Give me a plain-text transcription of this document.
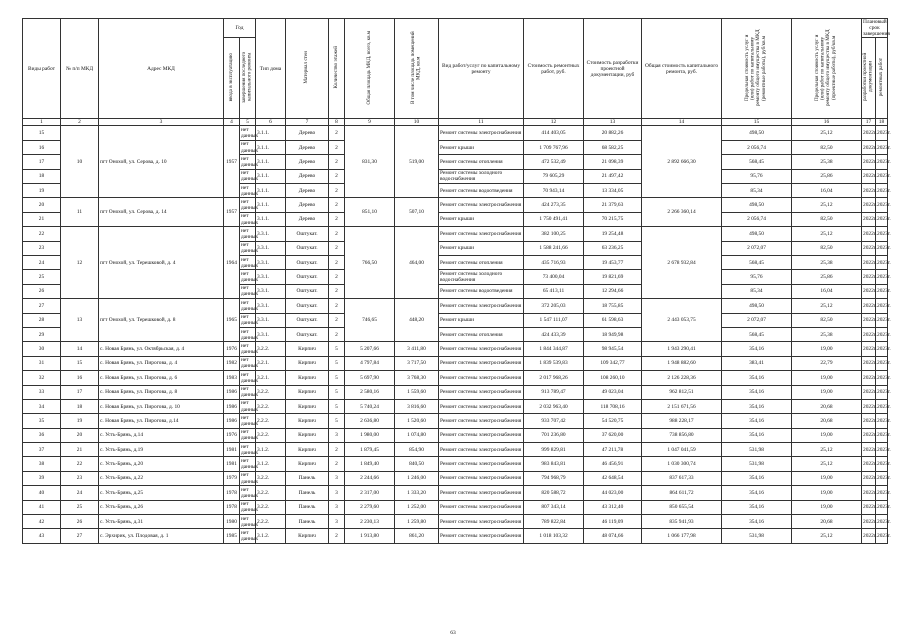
Виды работ	№ п/п МКД	Адрес МКД	Год		Тип дома	Материал стен	Количество этажей	Общая площадь МКД, всего, кв.м	В том числе площадь помещений МКД, кв.м	Вид работ/услуг по капитальному ремонту	Стоимость ремонтных работ, руб.	Стоимость разработки проектной документации, руб	Общая стоимость капитального ремонта, руб.	Предельная стоимость услуг и (или) работ по капитальному ремонту общего имущества в МКД (ремонтные работы), руб/кв.м	Предельная стоимость услуг и (или) работ по капитальному ремонту общего имущества в МКД (проектные работы), руб/кв.м	Плановый срок завершения	
			ввода в эксплуатацию	завершения последнего капитального ремонта												разработки проектной документации	ремонтных работ
1	2	3	4	5	6	7	8	9	10	11	12	13	14	15	16	17	18
15	10	пгт Онохой, ул. Серова, д. 10	1957	нет данных	3.1.1.	Дерево	2	831,30	519,00	Ремонт системы электроснабжения	414 403,05	20 882,26	2 892 666,30	498,50	25,12	2022г.	2023г.
16				нет данных	3.1.1.	Дерево	2			Ремонт крыши	1 709 767,96	68 582,25		2 056,74	82,50	2022г.	2023г.
17				нет данных	3.1.1.	Дерево	2			Ремонт системы отопления	472 532,49	21 098,39		568,45	25,38	2022г.	2023г.
18				нет данных	3.1.1.	Дерево	2			Ремонт системы холодного водоснабжения	79 605,29	21 497,42		95,76	25,86	2022г.	2023г.
19				нет данных	3.1.1.	Дерево	2			Ремонт системы водоотведения	70 943,14	13 334,05		85,34	16,04	2022г.	2023г.
20	11	пгт Онохой, ул. Серова, д. 14	1957	нет данных	3.1.1.	Дерево	2	851,10	507,10	Ремонт системы электроснабжения	424 273,35	21 379,63	2 266 360,14	498,50	25,12	2022г.	2023г.
21				нет данных	3.1.1.	Дерево	2			Ремонт крыши	1 750 491,41	70 215,75		2 056,74	82,50	2022г.	2023г.
22	12	пгт Онохой, ул. Терешковой, д. 4	1964	нет данных	3.3.1.	Оштукат.	2	766,50	464,00	Ремонт системы электроснабжения	382 100,25	19 254,48	2 678 932,84	498,50	25,12	2022г.	2023г.
23				нет данных	3.3.1.	Оштукат.	2			Ремонт крыши	1 588 241,66	63 236,25		2 072,07	82,50	2022г.	2023г.
24				нет данных	3.3.1.	Оштукат.	2			Ремонт системы отопления	435 716,93	19 453,77		568,45	25,38	2022г.	2023г.
25				нет данных	3.3.1.	Оштукат.	2			Ремонт системы холодного водоснабжения	73 400,04	19 821,69		95,76	25,86	2022г.	2023г.
26				нет данных	3.3.1.	Оштукат.	2			Ремонт системы водоотведения	65 413,11	12 294,66		85,34	16,04	2022г.	2023г.
27	13	пгт Онохой, ул. Терешковой, д. 8	1965	нет данных	3.3.1.	Оштукат.	2	746,65	448,20	Ремонт системы электроснабжения	372 205,03	18 755,85	2 443 053,75	498,50	25,12	2022г.	2023г.
28				нет данных	3.3.1.	Оштукат.	2			Ремонт крыши	1 547 111,07	61 598,63		2 072,07	82,50	2022г.	2023г.
29				нет данных	3.3.1.	Оштукат.	2			Ремонт системы отопления	424 433,39	18 949,98		568,45	25,38	2022г.	2023г.
30	14	с. Новая Брянь, ул. Октябрьская, д. 4	1976	нет данных	3.2.2.	Кирпич	5	5 207,66	3 411,80	Ремонт системы электроснабжения	1 844 344,87	98 945,54	1 943 290,41	354,16	19,00	2022г.	2023г.
31	15	с. Новая Брянь, ул. Пирогова, д. 4	1982	нет данных	3.2.1.	Кирпич	5	4 797,84	3 717,50	Ремонт системы электроснабжения	1 839 539,83	109 342,77	1 948 882,60	383,41	22,79	2022г.	2023г.
32	16	с. Новая Брянь, ул. Пирогова, д. 6	1983	нет данных	3.2.1.	Кирпич	5	5 697,90	3 768,30	Ремонт системы электроснабжения	2 017 968,26	108 260,10	2 126 228,36	354,16	19,00	2022г.	2023г.
33	17	с. Новая Брянь, ул. Пирогова, д. 8	1986	нет данных	3.2.2.	Кирпич	5	2 580,16	1 559,60	Ремонт системы электроснабжения	913 789,47	49 023,04	962 812,51	354,16	19,00	2022г.	2023г.
34	18	с. Новая Брянь, ул. Пирогова, д. 10	1986	нет данных	3.2.2.	Кирпич	5	5 740,24	3 816,60	Ремонт системы электроснабжения	2 032 963,40	118 708,16	2 151 671,56	354,16	20,68	2022г.	2023г.
35	19	с. Новая Брянь, ул. Пирогова, д.14	1986	нет данных	2.2.2.	Кирпич	5	2 636,80	1 520,60	Ремонт системы электроснабжения	933 707,42	54 520,75	988 228,17	354,16	20,68	2022г.	2023г.
36	20	с. Усть-Брянь, д.14	1976	нет данных	3.2.2.	Кирпич	3	1 980,00	1 074,80	Ремонт системы электроснабжения	701 236,80	37 620,00	738 856,80	354,16	19,00	2022г.	2023г.
37	21	с. Усть-Брянь, д.19	1981	нет данных	3.1.2.	Кирпич	2	1 879,45	854,90	Ремонт системы электроснабжения	999 829,81	47 211,78	1 047 041,59	531,98	25,12	2022г.	2023г.
38	22	с. Усть-Брянь, д.20	1981	нет данных	3.1.2.	Кирпич	2	1 849,40	840,50	Ремонт системы электроснабжения	983 843,81	46 456,91	1 030 300,74	531,98	25,12	2022г.	2023г.
39	23	с. Усть-Брянь, д.22	1979	нет данных	3.2.2.	Панель	3	2 244,66	1 246,00	Ремонт системы электроснабжения	794 968,79	42 648,54	837 617,33	354,16	19,00	2022г.	2023г.
40	24	с. Усть-Брянь, д.25	1978	нет данных	3.2.2.	Панель	3	2 317,00	1 333,20	Ремонт системы электроснабжения	820 588,72	44 023,00	864 611,72	354,16	19,00	2022г.	2023г.
41	25	с. Усть-Брянь, д.26	1978	нет данных	3.2.2.	Панель	3	2 279,60	1 252,00	Ремонт системы электроснабжения	807 343,14	43 312,40	850 655,54	354,16	19,00	2022г.	2023г.
42	26	с. Усть-Брянь, д.31	1980	нет данных	2.2.2.	Панель	3	2 230,13	1 259,80	Ремонт системы электроснабжения	789 822,84	46 119,09	835 941,93	354,16	20,68	2022г.	2023г.
43	27	с. Эрхирик, ул. Плодовая, д. 1	1985	нет данных	3.1.2.	Кирпич	2	1 913,80	861,20	Ремонт системы электроснабжения	1 018 103,32	48 074,66	1 066 177,98	531,98	25,12	2022г.	2023г.
63
